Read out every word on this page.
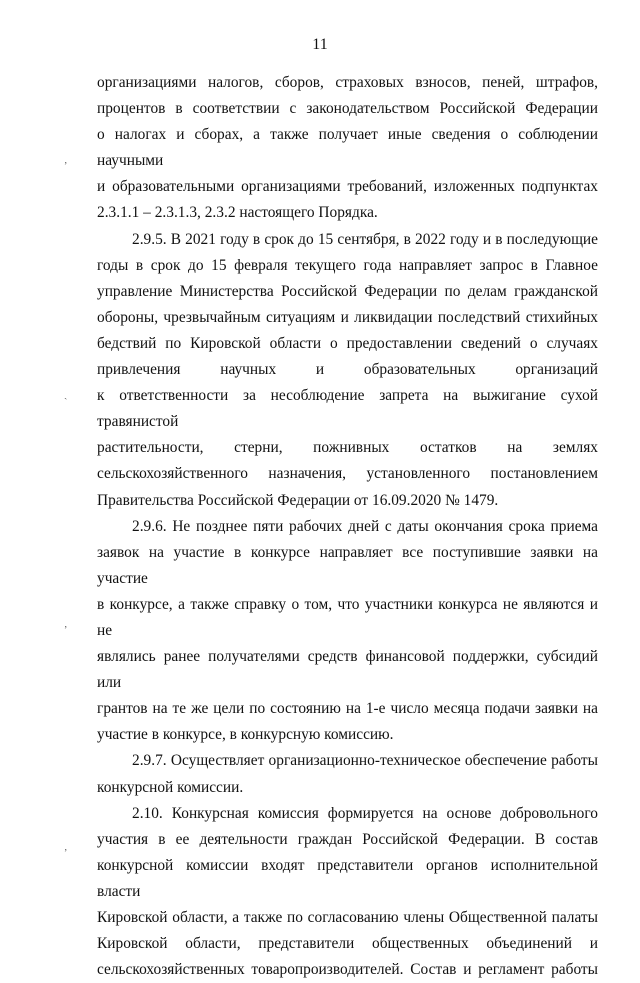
11
ʼ
ˎ
ʼ
ʼ

организациями налогов, сборов, страховых взносов, пеней, штрафов,
процентов в соответствии с законодательством Российской Федерации
о налогах и сборах, а также получает иные сведения о соблюдении научными
и образовательными организациями требований, изложенных подпунктах
2.3.1.1 – 2.3.1.3, 2.3.2 настоящего Порядка.

2.9.5. В 2021 году в срок до 15 сентября, в 2022 году и в последующие
годы в срок до 15 февраля текущего года направляет запрос в Главное
управление Министерства Российской Федерации по делам гражданской
обороны, чрезвычайным ситуациям и ликвидации последствий стихийных
бедствий по Кировской области о предоставлении сведений о случаях
привлечения научных и образовательных организаций
к ответственности за несоблюдение запрета на выжигание сухой травянистой
растительности, стерни, пожнивных остатков на землях
сельскохозяйственного назначения, установленного постановлением
Правительства Российской Федерации от 16.09.2020 № 1479.

2.9.6. Не позднее пяти рабочих дней с даты окончания срока приема
заявок на участие в конкурсе направляет все поступившие заявки на участие
в конкурсе, а также справку о том, что участники конкурса не являются и не
являлись ранее получателями средств финансовой поддержки, субсидий или
грантов на те же цели по состоянию на 1-е число месяца подачи заявки на
участие в конкурсе, в конкурсную комиссию.

2.9.7. Осуществляет организационно-техническое обеспечение работы
конкурсной комиссии.

2.10. Конкурсная комиссия формируется на основе добровольного
участия в ее деятельности граждан Российской Федерации. В состав
конкурсной комиссии входят представители органов исполнительной власти
Кировской области, а также по согласованию члены Общественной палаты
Кировской области, представители общественных объединений и
сельскохозяйственных товаропроизводителей. Состав и регламент работы
